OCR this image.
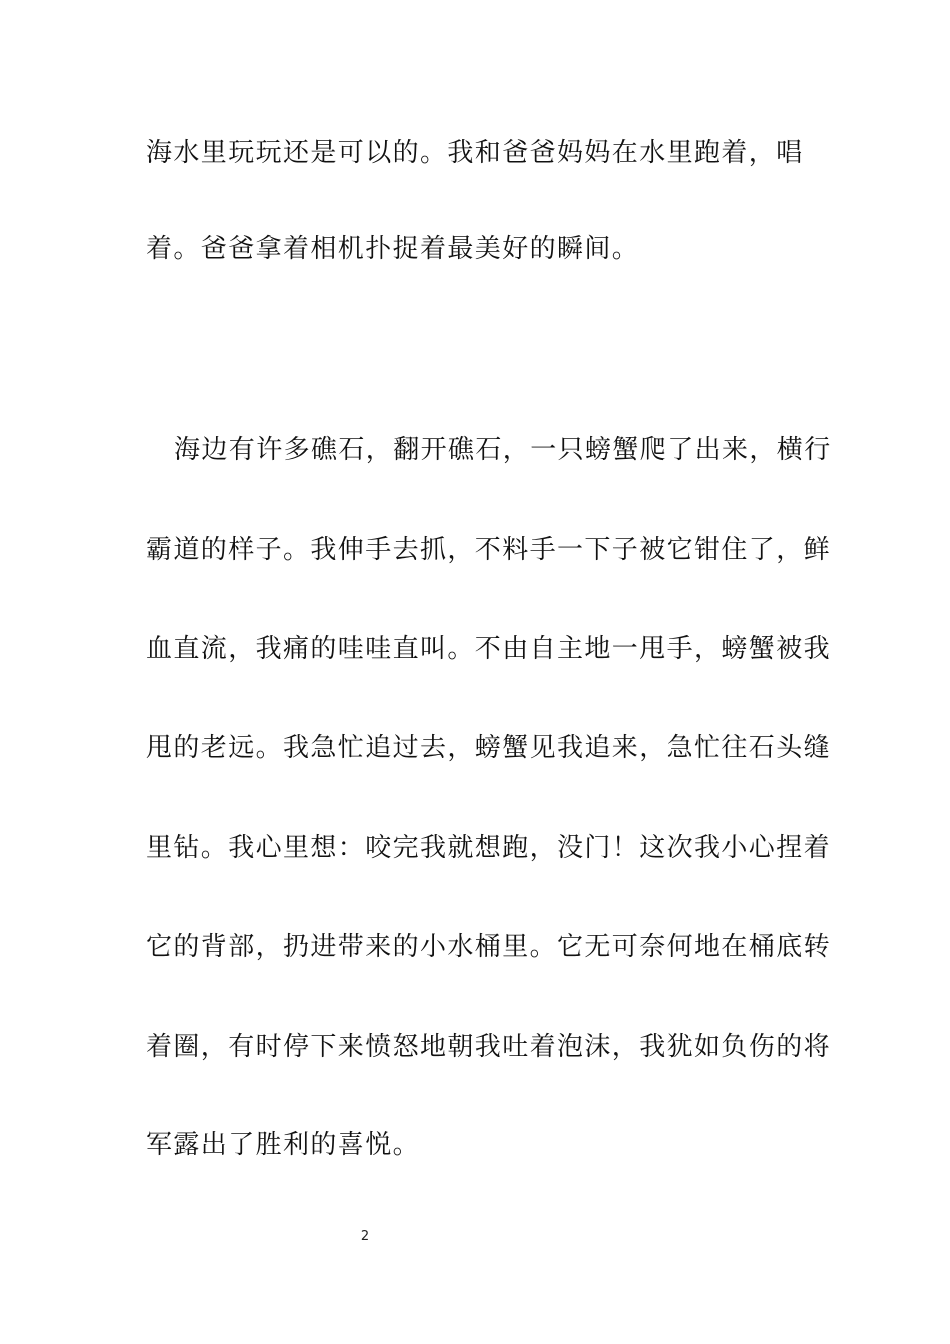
海水里玩玩还是可以的。我和爸爸妈妈在水里跑着，唱
着。爸爸拿着相机扑捉着最美好的瞬间。
海边有许多礁石，翻开礁石，一只螃蟹爬了出来，横行
霸道的样子。我伸手去抓，不料手一下子被它钳住了，鲜
血直流，我痛的哇哇直叫。不由自主地一甩手，螃蟹被我
甩的老远。我急忙追过去，螃蟹见我追来，急忙往石头缝
里钻。我心里想：咬完我就想跑，没门！这次我小心捏着
它的背部，扔进带来的小水桶里。它无可奈何地在桶底转
着圈，有时停下来愤怒地朝我吐着泡沫，我犹如负伤的将
军露出了胜利的喜悦。
2
